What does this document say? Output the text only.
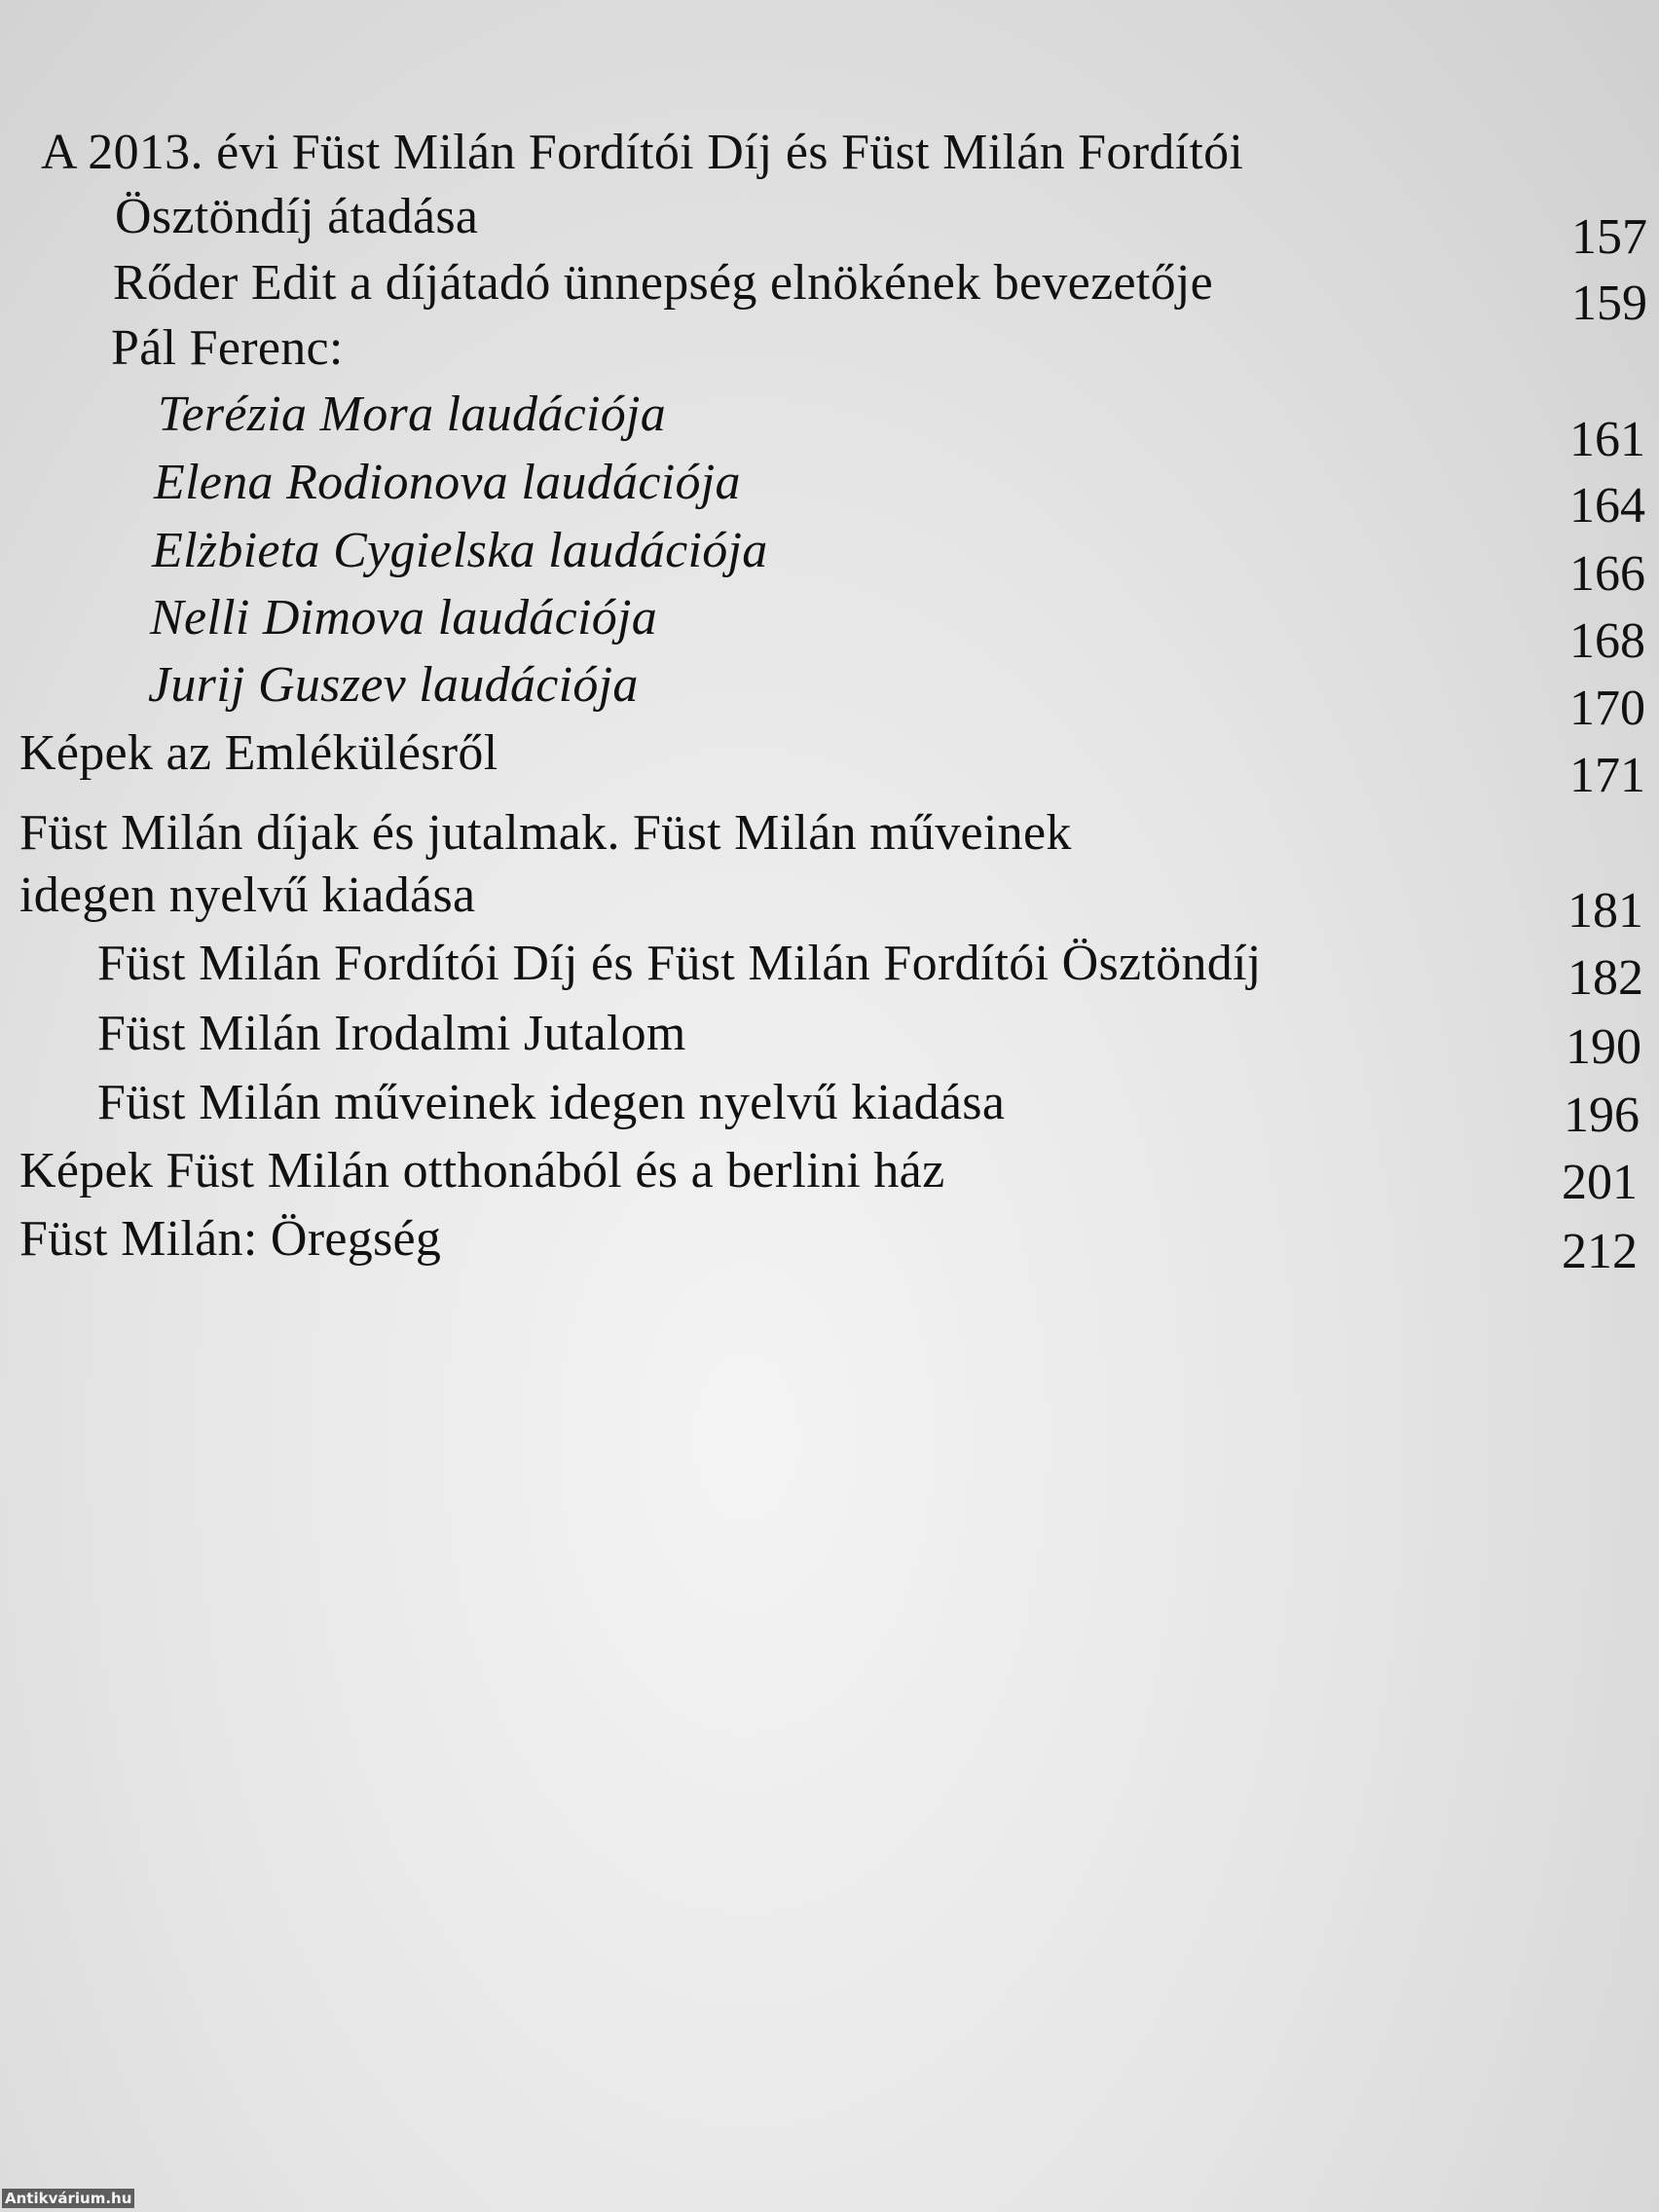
A 2013. évi Füst Milán Fordítói Díj és Füst Milán Fordítói
Ösztöndíj átadása	157
Rőder Edit a díjátadó ünnepség elnökének bevezetője	159
Pál Ferenc:
Terézia Mora laudációja	161
Elena Rodionova laudációja	164
Elżbieta Cygielska laudációja	166
Nelli Dimova laudációja	168
Jurij Guszev laudációja	170
Képek az Emlékülésről	171
Füst Milán díjak és jutalmak. Füst Milán műveinek
idegen nyelvű kiadása	181
Füst Milán Fordítói Díj és Füst Milán Fordítói Ösztöndíj	182
Füst Milán Irodalmi Jutalom	190
Füst Milán műveinek idegen nyelvű kiadása	196
Képek Füst Milán otthonából és a berlini ház	201
Füst Milán: Öregség	212
Antikvárium.hu
